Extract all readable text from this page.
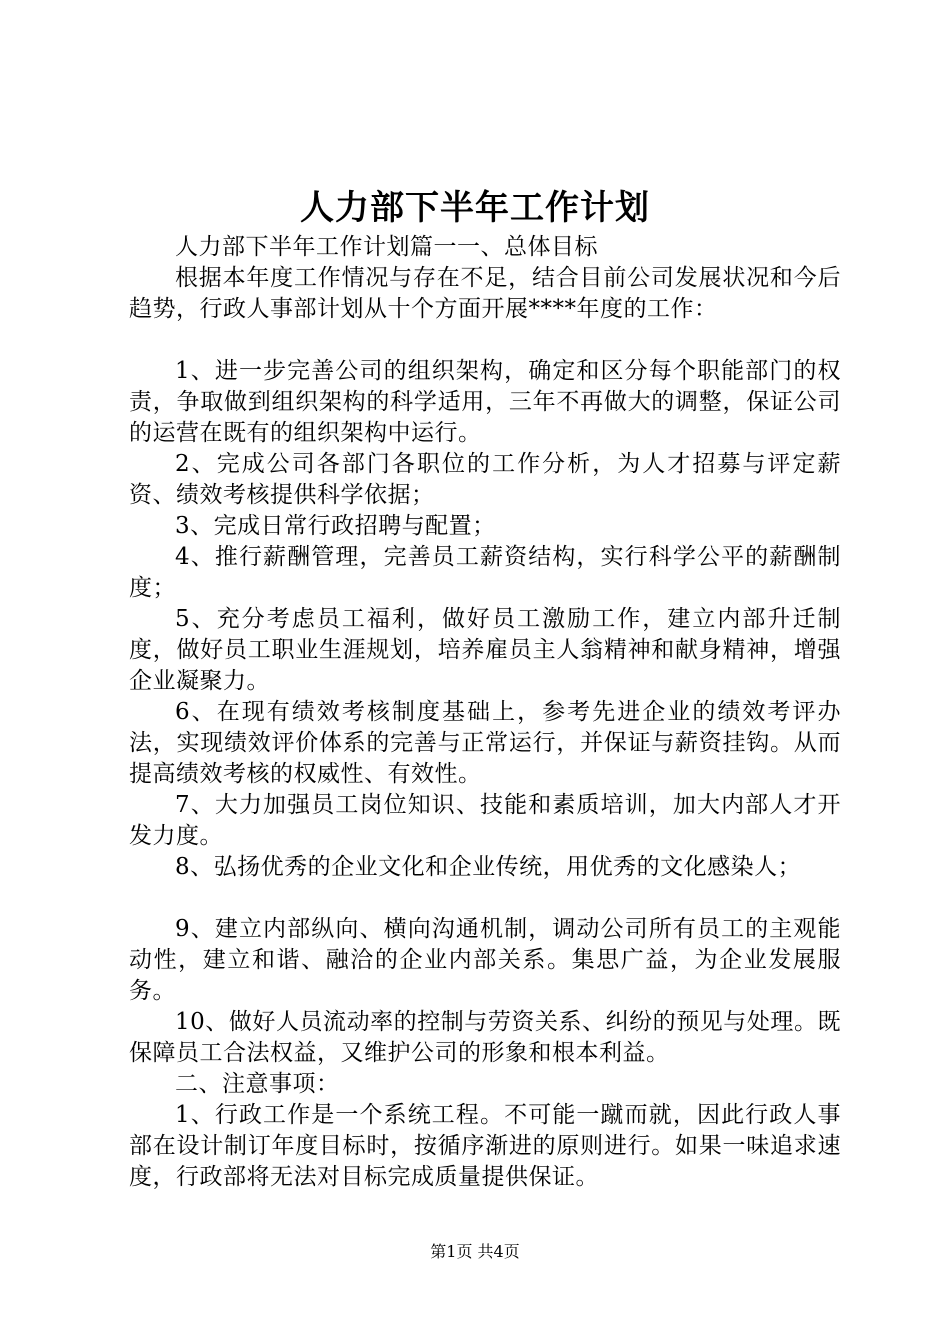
人力部下半年工作计划

人力部下半年工作计划篇一一、总体目标

根据本年度工作情况与存在不足，结合目前公司发展状况和今后趋势，行政人事部计划从十个方面开展****年度的工作：

1、进一步完善公司的组织架构，确定和区分每个职能部门的权责，争取做到组织架构的科学适用，三年不再做大的调整，保证公司的运营在既有的组织架构中运行。

2、完成公司各部门各职位的工作分析，为人才招募与评定薪资、绩效考核提供科学依据；

3、完成日常行政招聘与配置；

4、推行薪酬管理，完善员工薪资结构，实行科学公平的薪酬制度；

5、充分考虑员工福利，做好员工激励工作，建立内部升迁制度，做好员工职业生涯规划，培养雇员主人翁精神和献身精神，增强企业凝聚力。

6、在现有绩效考核制度基础上，参考先进企业的绩效考评办法，实现绩效评价体系的完善与正常运行，并保证与薪资挂钩。从而提高绩效考核的权威性、有效性。

7、大力加强员工岗位知识、技能和素质培训，加大内部人才开发力度。

8、弘扬优秀的企业文化和企业传统，用优秀的文化感染人；

9、建立内部纵向、横向沟通机制，调动公司所有员工的主观能动性，建立和谐、融洽的企业内部关系。集思广益，为企业发展服务。

10、做好人员流动率的控制与劳资关系、纠纷的预见与处理。既保障员工合法权益，又维护公司的形象和根本利益。

二、注意事项：

1、行政工作是一个系统工程。不可能一蹴而就，因此行政人事部在设计制订年度目标时，按循序渐进的原则进行。如果一味追求速度，行政部将无法对目标完成质量提供保证。

第1页 共4页
